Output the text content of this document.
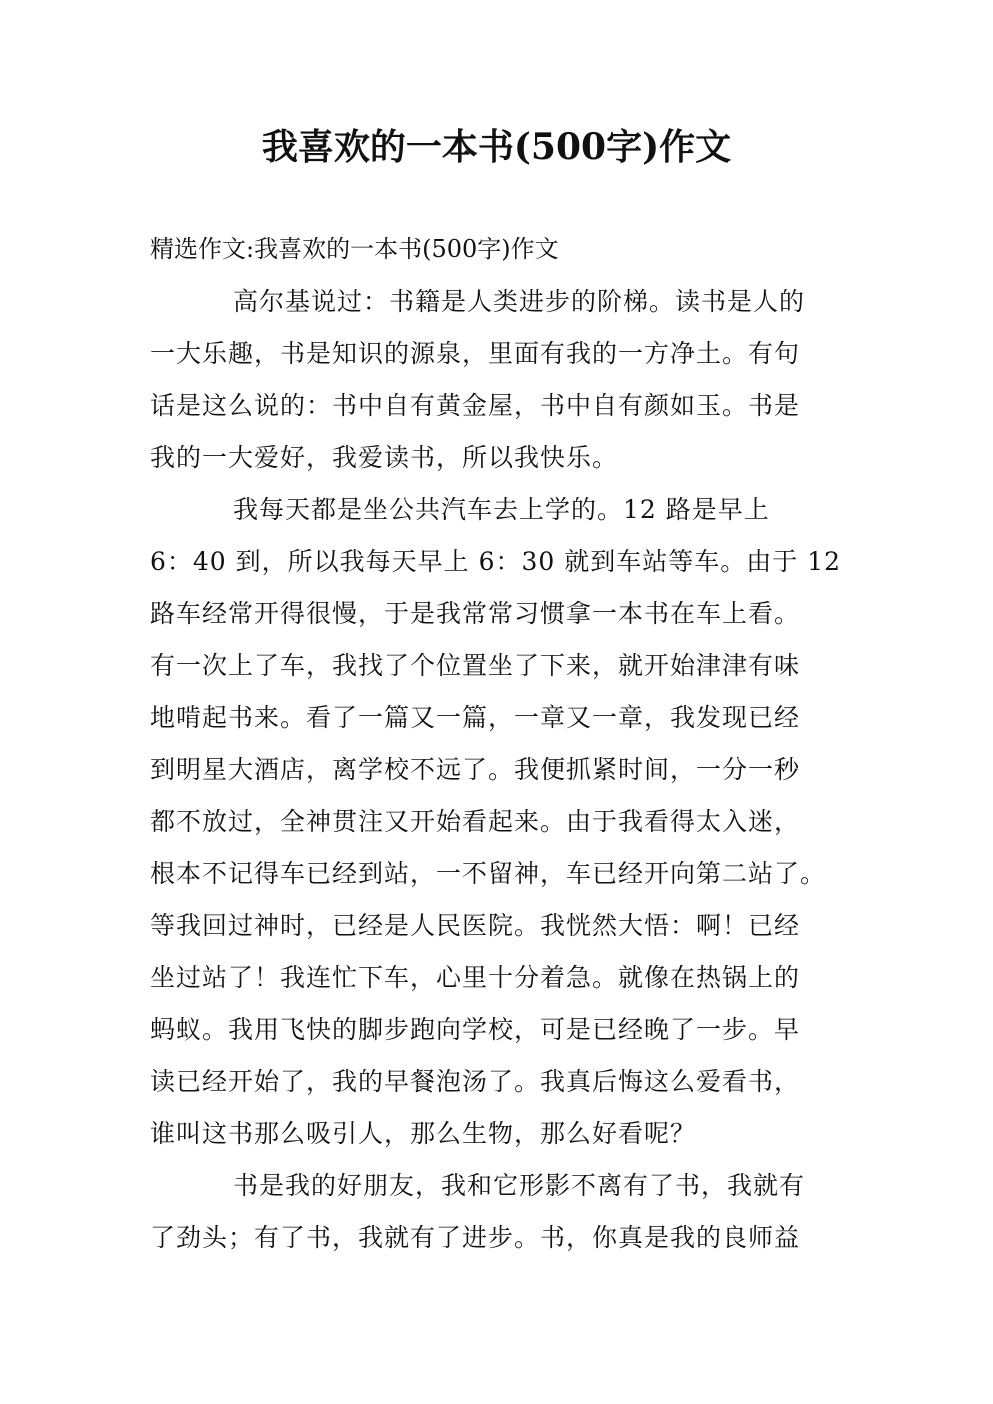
我喜欢的一本书(500字)作文
精选作文:我喜欢的一本书(500字)作文
高尔基说过：书籍是人类进步的阶梯。读书是人的
一大乐趣，书是知识的源泉，里面有我的一方净土。有句
话是这么说的：书中自有黄金屋，书中自有颜如玉。书是
我的一大爱好，我爱读书，所以我快乐。
我每天都是坐公共汽车去上学的。12 路是早上
6：40 到，所以我每天早上 6：30 就到车站等车。由于 12
路车经常开得很慢，于是我常常习惯拿一本书在车上看。
有一次上了车，我找了个位置坐了下来，就开始津津有味
地啃起书来。看了一篇又一篇，一章又一章，我发现已经
到明星大酒店，离学校不远了。我便抓紧时间，一分一秒
都不放过，全神贯注又开始看起来。由于我看得太入迷，
根本不记得车已经到站，一不留神，车已经开向第二站了。
等我回过神时，已经是人民医院。我恍然大悟：啊！已经
坐过站了！我连忙下车，心里十分着急。就像在热锅上的
蚂蚁。我用飞快的脚步跑向学校，可是已经晚了一步。早
读已经开始了，我的早餐泡汤了。我真后悔这么爱看书，
谁叫这书那么吸引人，那么生物，那么好看呢？
书是我的好朋友，我和它形影不离有了书，我就有
了劲头；有了书，我就有了进步。书，你真是我的良师益
